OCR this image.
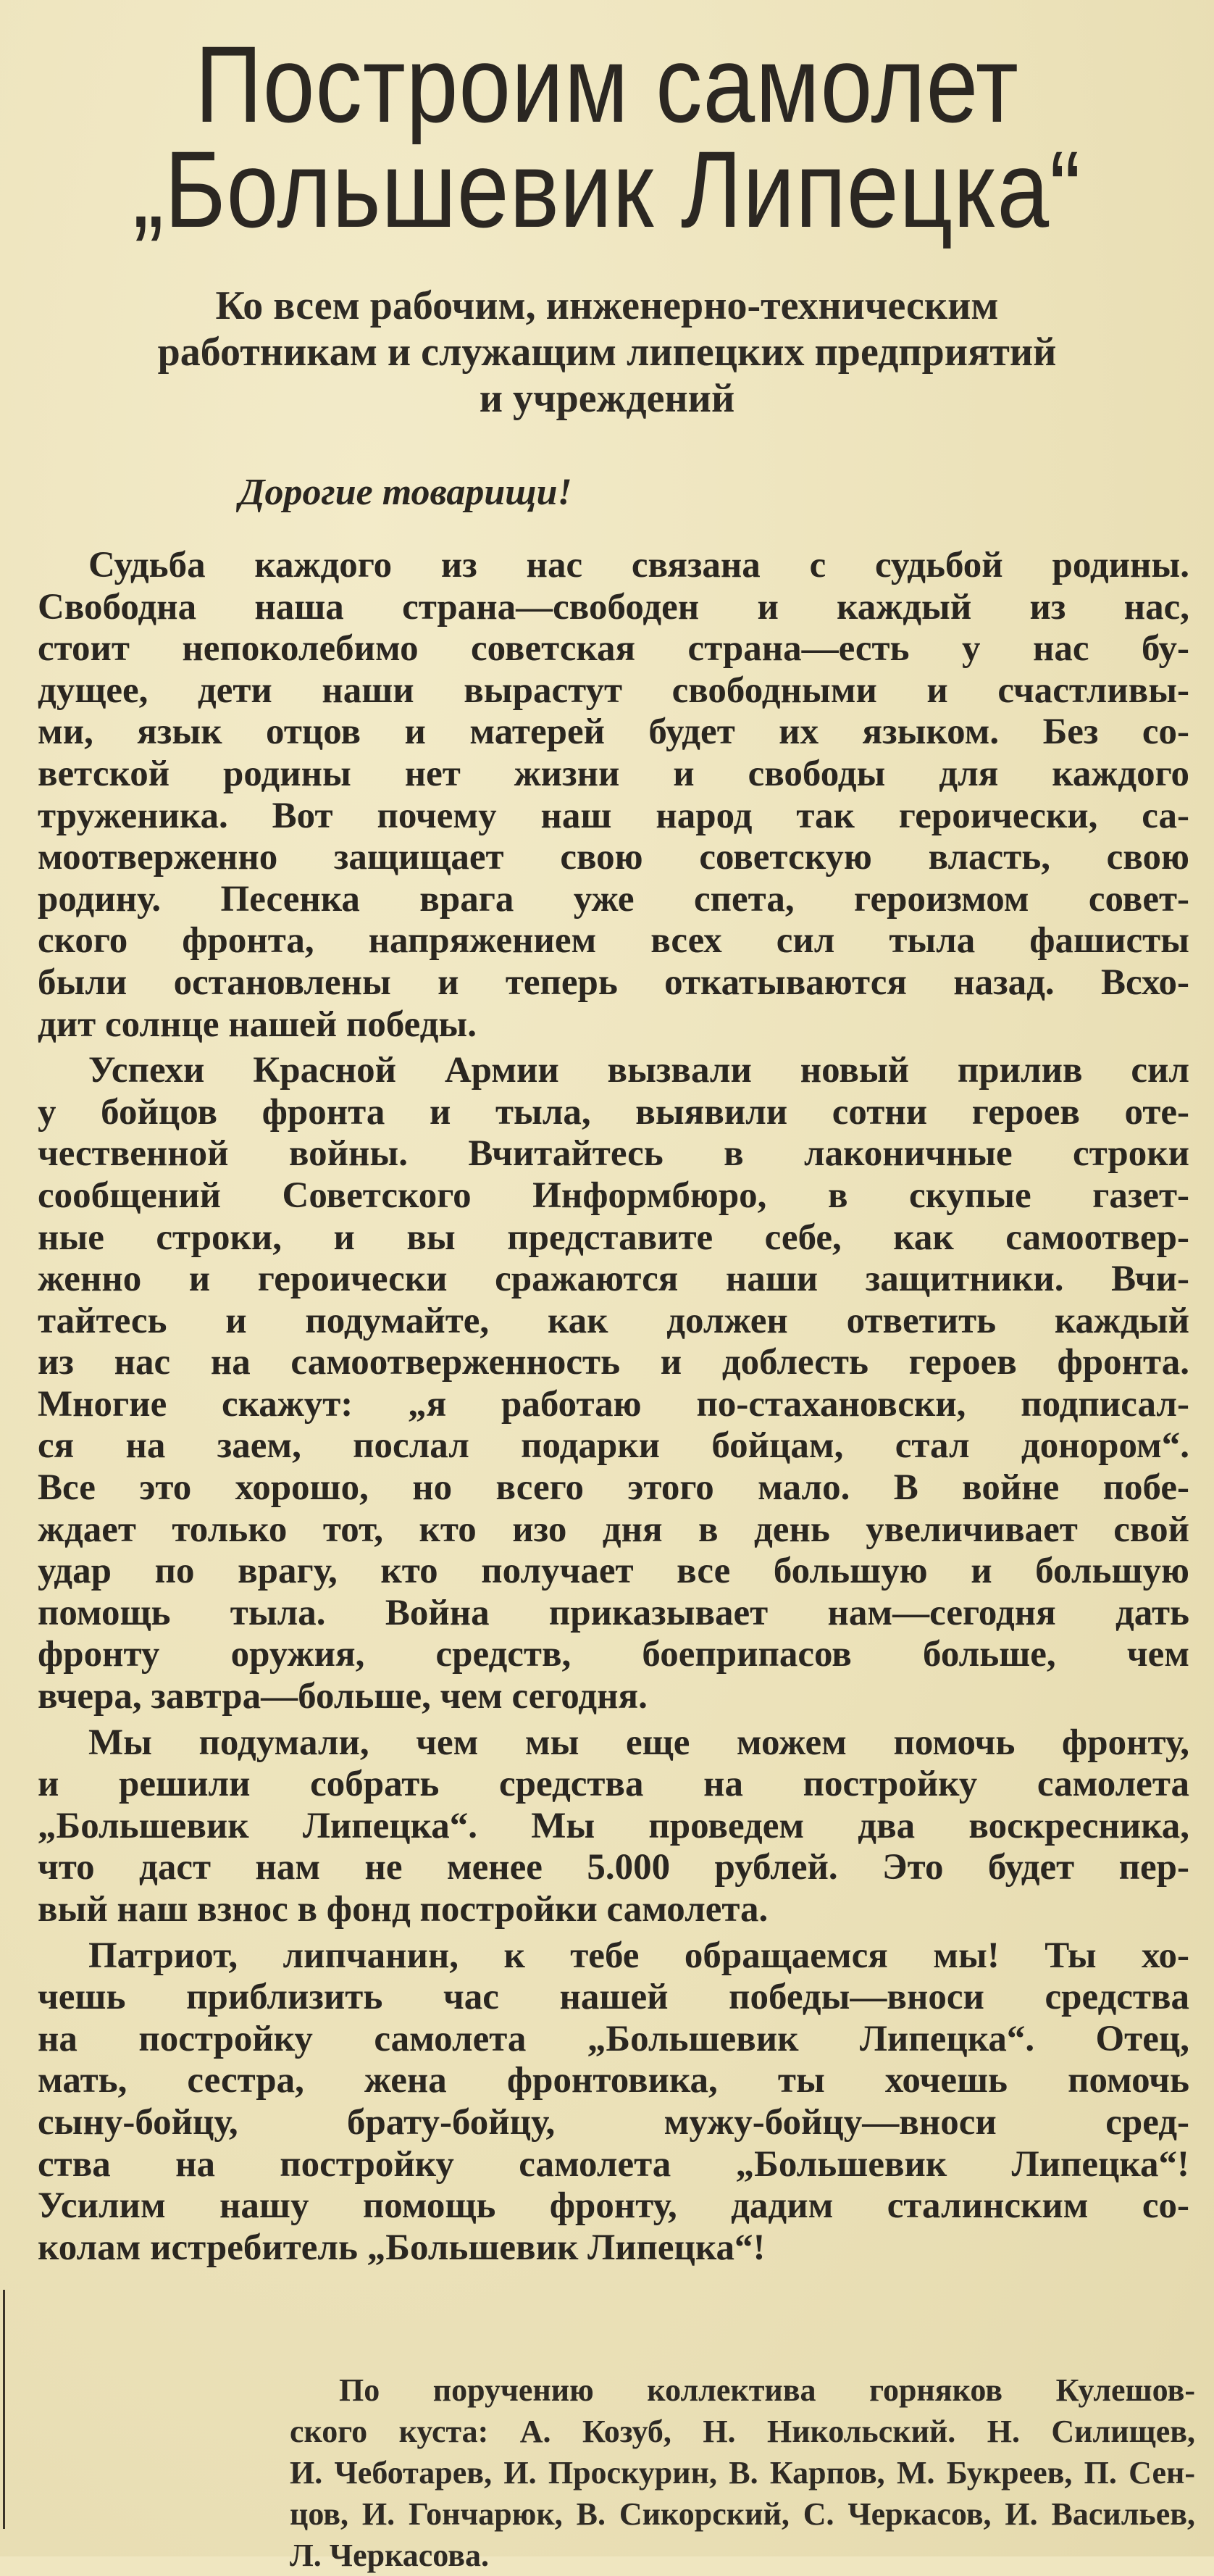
Построим самолет
„Большевик Липецка“
Ко всем рабочим, инженерно-техническим
работникам и служащим липецких предприятий
и учреждений
Дорогие товарищи!
Судьба каждого из нас связана с судьбой родины.
Свободна наша страна—свободен и каждый из нас,
стоит непоколебимо советская страна—есть у нас бу-
дущее, дети наши вырастут свободными и счастливы-
ми, язык отцов и матерей будет их языком. Без со-
ветской родины нет жизни и свободы для каждого
труженика. Вот почему наш народ так героически, са-
моотверженно защищает свою советскую власть, свою
родину. Песенка врага уже спета, героизмом совет-
ского фронта, напряжением всех сил тыла фашисты
были остановлены и теперь откатываются назад. Всхо-
дит солнце нашей победы.
Успехи Красной Армии вызвали новый прилив сил
у бойцов фронта и тыла, выявили сотни героев оте-
чественной войны. Вчитайтесь в лаконичные строки
сообщений Советского Информбюро, в скупые газет-
ные строки, и вы представите себе, как самоотвер-
женно и героически сражаются наши защитники. Вчи-
тайтесь и подумайте, как должен ответить каждый
из нас на самоотверженность и доблесть героев фронта.
Многие скажут: „я работаю по-стахановски, подписал-
ся на заем, послал подарки бойцам, стал донором“.
Все это хорошо, но всего этого мало. В войне побе-
ждает только тот, кто изо дня в день увеличивает свой
удар по врагу, кто получает все большую и большую
помощь тыла. Война приказывает нам—сегодня дать
фронту оружия, средств, боеприпасов больше, чем
вчера, завтра—больше, чем сегодня.
Мы подумали, чем мы еще можем помочь фронту,
и решили собрать средства на постройку самолета
„Большевик Липецка“. Мы проведем два воскресника,
что даст нам не менее 5.000 рублей. Это будет пер-
вый наш взнос в фонд постройки самолета.
Патриот, липчанин, к тебе обращаемся мы! Ты хо-
чешь приблизить час нашей победы—вноси средства
на постройку самолета „Большевик Липецка“. Отец,
мать, сестра, жена фронтовика, ты хочешь помочь
сыну-бойцу, брату-бойцу, мужу-бойцу—вноси сред-
ства на постройку самолета „Большевик Липецка“!
Усилим нашу помощь фронту, дадим сталинским со-
колам истребитель „Большевик Липецка“!
По поручению коллектива горняков Кулешов-
ского куста: А. Козуб, Н. Никольский. Н. Силищев,
И. Чеботарев, И. Проскурин, В. Карпов, М. Букреев, П. Сен-
цов, И. Гончарюк, В. Сикорский, С. Черкасов, И. Васильев,
Л. Черкасова.
